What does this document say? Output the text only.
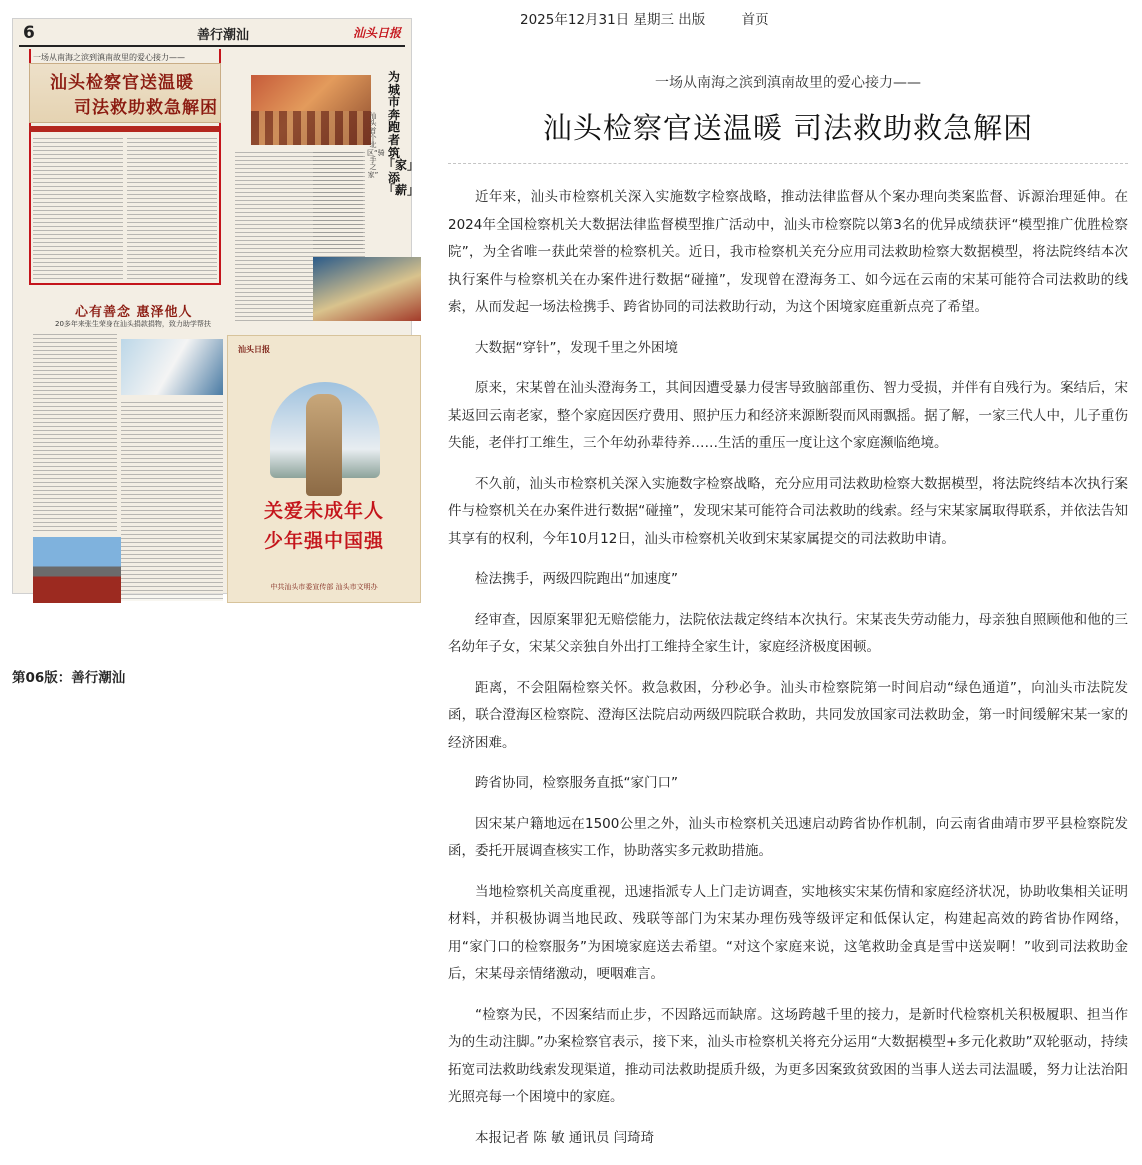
2025年12月31日 星期三 出版	首页
6	善行潮汕	汕头日报
一场从南海之滨到滇南故里的爱心接力——
汕头检察官送温暖
司法救助救急解困
为城市奔跑者筑「家」添「薪」
汕头首个北区“骑手之家”
心有善念 惠泽他人
20多年来张生荣身在汕头捐款捐物，致力助学帮扶
汕头日报
关爱未成年人
少年强中国强
中共汕头市委宣传部 汕头市文明办
第06版：善行潮汕

一场从南海之滨到滇南故里的爱心接力——

汕头检察官送温暖 司法救助救急解困

近年来，汕头市检察机关深入实施数字检察战略，推动法律监督从个案办理向类案监督、诉源治理延伸。在2024年全国检察机关大数据法律监督模型推广活动中，汕头市检察院以第3名的优异成绩获评“模型推广优胜检察院”，为全省唯一获此荣誉的检察机关。近日，我市检察机关充分应用司法救助检察大数据模型，将法院终结本次执行案件与检察机关在办案件进行数据“碰撞”，发现曾在澄海务工、如今远在云南的宋某可能符合司法救助的线索，从而发起一场法检携手、跨省协同的司法救助行动，为这个困境家庭重新点亮了希望。

大数据“穿针”，发现千里之外困境

原来，宋某曾在汕头澄海务工，其间因遭受暴力侵害导致脑部重伤、智力受损，并伴有自残行为。案结后，宋某返回云南老家，整个家庭因医疗费用、照护压力和经济来源断裂而风雨飘摇。据了解，一家三代人中，儿子重伤失能，老伴打工维生，三个年幼孙辈待养……生活的重压一度让这个家庭濒临绝境。

不久前，汕头市检察机关深入实施数字检察战略，充分应用司法救助检察大数据模型，将法院终结本次执行案件与检察机关在办案件进行数据“碰撞”，发现宋某可能符合司法救助的线索。经与宋某家属取得联系，并依法告知其享有的权利，今年10月12日，汕头市检察机关收到宋某家属提交的司法救助申请。

检法携手，两级四院跑出“加速度”

经审查，因原案罪犯无赔偿能力，法院依法裁定终结本次执行。宋某丧失劳动能力，母亲独自照顾他和他的三名幼年子女，宋某父亲独自外出打工维持全家生计，家庭经济极度困顿。

距离，不会阻隔检察关怀。救急救困，分秒必争。汕头市检察院第一时间启动“绿色通道”，向汕头市法院发函，联合澄海区检察院、澄海区法院启动两级四院联合救助，共同发放国家司法救助金，第一时间缓解宋某一家的经济困难。

跨省协同，检察服务直抵“家门口”

因宋某户籍地远在1500公里之外，汕头市检察机关迅速启动跨省协作机制，向云南省曲靖市罗平县检察院发函，委托开展调查核实工作，协助落实多元救助措施。

当地检察机关高度重视，迅速指派专人上门走访调查，实地核实宋某伤情和家庭经济状况，协助收集相关证明材料，并积极协调当地民政、残联等部门为宋某办理伤残等级评定和低保认定，构建起高效的跨省协作网络，用“家门口的检察服务”为困境家庭送去希望。“对这个家庭来说，这笔救助金真是雪中送炭啊！”收到司法救助金后，宋某母亲情绪激动，哽咽难言。

“检察为民，不因案结而止步，不因路远而缺席。这场跨越千里的接力，是新时代检察机关积极履职、担当作为的生动注脚。”办案检察官表示，接下来，汕头市检察机关将充分运用“大数据模型+多元化救助”双轮驱动，持续拓宽司法救助线索发现渠道，推动司法救助提质升级，为更多因案致贫致困的当事人送去司法温暖，努力让法治阳光照亮每一个困境中的家庭。

本报记者 陈 敏 通讯员 闫琦琦
